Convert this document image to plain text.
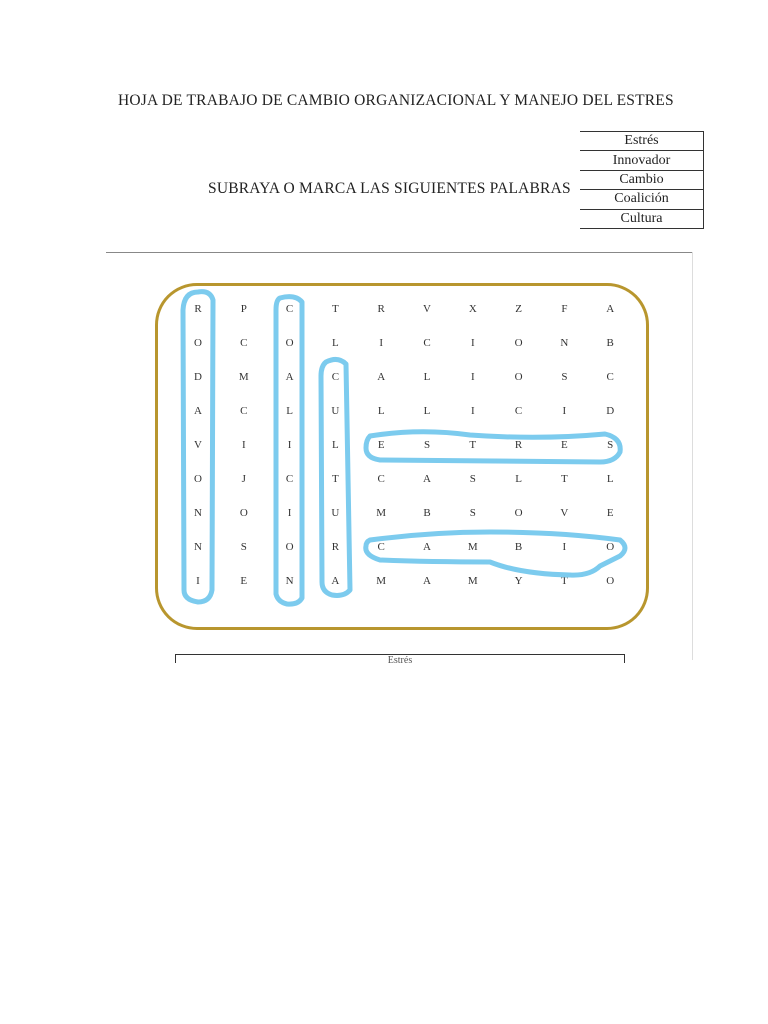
HOJA DE TRABAJO DE CAMBIO ORGANIZACIONAL Y MANEJO DEL ESTRES
SUBRAYA O MARCA LAS SIGUIENTES PALABRAS
Estrés
Innovador
Cambio
Coalición
Cultura
R	P	C	T	R	V	X	Z	F	A
O	C	O	L	I	C	I	O	N	B
D	M	A	C	A	L	I	O	S	C
A	C	L	U	L	L	I	C	I	D
V	I	I	L	E	S	T	R	E	S
O	J	C	T	C	A	S	L	T	L
N	O	I	U	M	B	S	O	V	E
N	S	O	R	C	A	M	B	I	O
I	E	N	A	M	A	M	Y	T	O
Estrés
